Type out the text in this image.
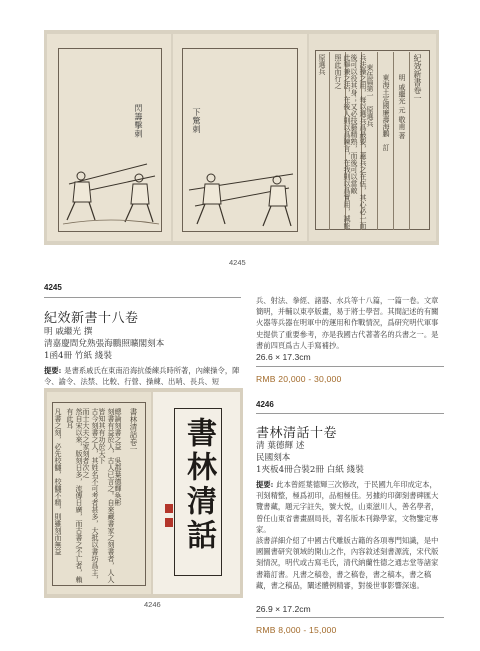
閃籌擊刺	下驚刺
紀效新書卷一
明 戚繼光 元 敬甫 著
東海王定國廉壽海鵬　訂
束伍篇第一　原選兵
兵法操之用，每以選兵爲最要，蓋兵之在伍，其心必一而後可以役其身；又必技藝精熟，而後可以當敵
此舉兼之法，在後人則以爲陳言，在我則以爲實用，誠能照此而行之
原選兵
4245
4245
紀效新書十八卷
明 戚繼光 撰
清嘉慶間兌熟張海鵬照曠閣刻本
1函4冊 竹紙 綫裝
提要: 是書系戚氏在東南沿海抗倭練兵時所著，內練操令，陣令、諭令、法禁、比較、行營、操練、出哨、長兵、短
兵、射法、拳經、諸器、水兵等十八篇，一篇一卷。文章簡明，并輔以東亭版畫，易于將士學習。其間記述的有關火器等兵器在明軍中的運用和作戰情況，爲研究明代軍事史提供了重要參考，亦是我國古代著著名的兵書之一。是書前四頁爲古人手寫補抄。
26.6 × 17.3cm
RMB 20,000 - 30,000
書林清話卷一
總論刻書之益　吳郡葉德輝奐彬
刻書有益於人，古人已言之。自來藏書家之刻書者，人人皆知其有功於天下
古今刻書之人，其姓名不可考者甚多，大抵以書坊爲主，而士大夫之家刻者次之
然自宋以來，版刻日多，流傳日廣，而古書之不亡者，賴有此耳
凡書之刻，必先校讎，校讎不精，則雖刻而無益	書林清話
4246
4246
書林清話十卷
清 葉德輝 述
民國刻本
1夾板4冊合裝2冊 白紙 綫裝
提要: 此本曾經葉德輝三次修改，于民國九年印成定本，刊刻精整，極爲初印，品相極佳。另據約印御刻書碑匯大覽書藏，題元字註失，號大悦，山東滋川人，善名學者，曾任山東省書畫副局長，著名版本刊錄學家，文物鑒定專家。
該書詳細介紹了中國古代雕版古籍的各項專門知識，是中國圖書研究領域的開山之作，內容敘述刻書源流，宋代版刻情況，明代或古寫毛氏，清代納蘭性德之通志堂等諸家書籍訂書。凡書之稿卷，書之稿卷，書之稿本，書之稿藏，書之稿品，闡述體例精審，對後世事影響深遠。
26.9 × 17.2cm
RMB 8,000 - 15,000
